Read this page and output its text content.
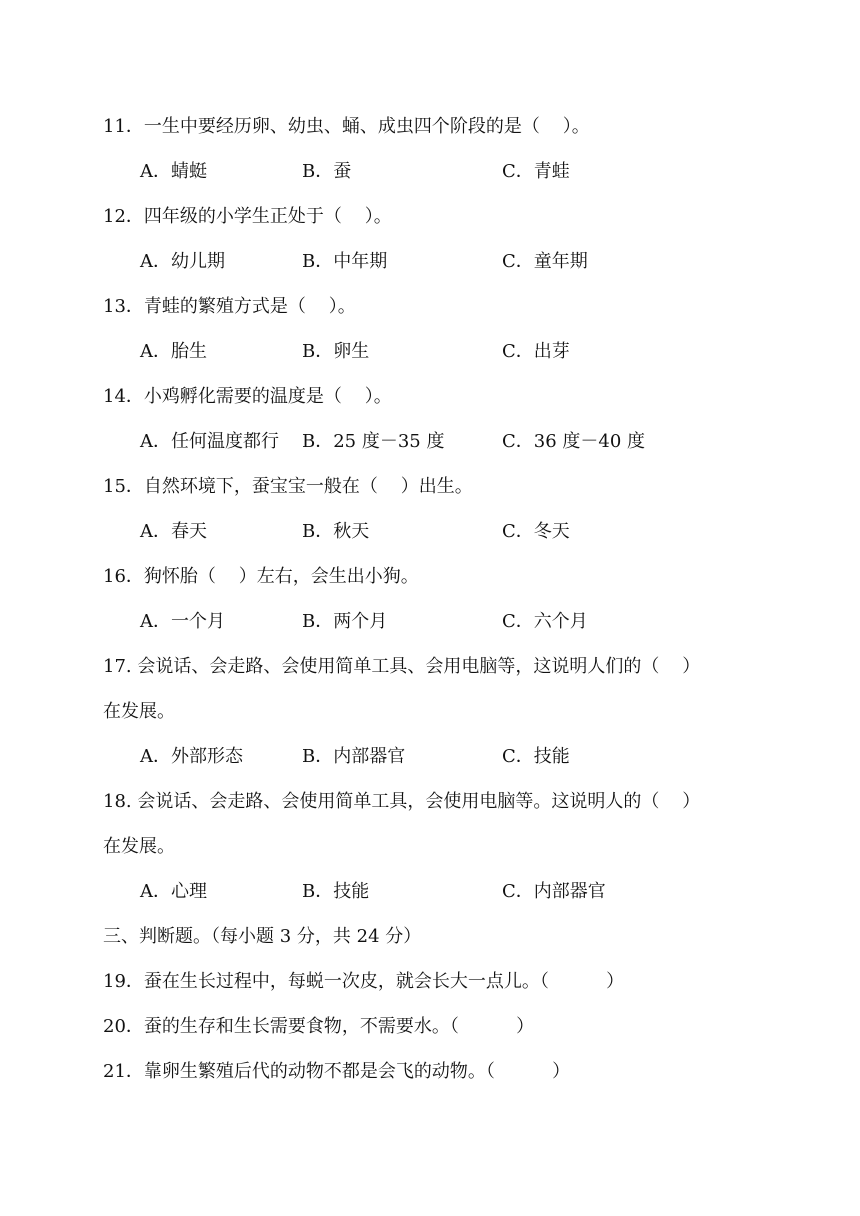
11．一生中要经历卵、幼虫、蛹、成虫四个阶段的是（    ）。
A．蜻蜓	B．蚕	C．青蛙
12．四年级的小学生正处于（    ）。
A．幼儿期	B．中年期	C．童年期
13．青蛙的繁殖方式是（    ）。
A．胎生	B．卵生	C．出芽
14．小鸡孵化需要的温度是（    ）。
A．任何温度都行 B．25 度－35 度	C．36 度－40 度
15．自然环境下，蚕宝宝一般在（    ）出生。
A．春天	B．秋天	C．冬天
16．狗怀胎（    ）左右，会生出小狗。
A．一个月	B．两个月	C．六个月
17. 会说话、会走路、会使用简单工具、会用电脑等，这说明人们的（    ）
在发展。
A．外部形态	B．内部器官	C．技能
18. 会说话、会走路、会使用简单工具，会使用电脑等。这说明人的（    ）
在发展。
A．心理	B．技能	C．内部器官
三、判断题。（每小题 3 分，共 24 分）
19．蚕在生长过程中，每蜕一次皮，就会长大一点儿。（          ）
20．蚕的生存和生长需要食物，不需要水。（          ）
21．靠卵生繁殖后代的动物不都是会飞的动物。（          ）
